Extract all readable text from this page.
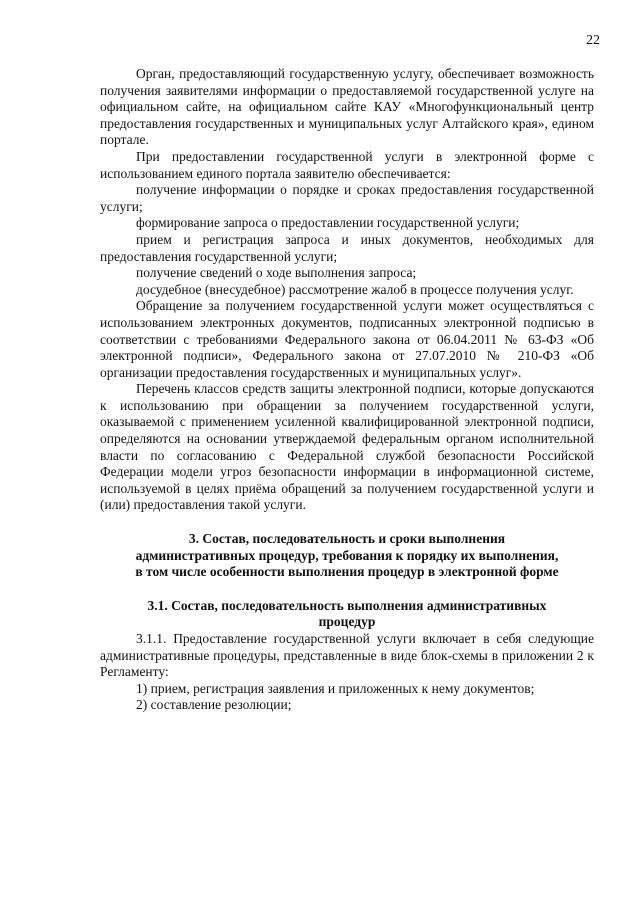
22

Орган, предоставляющий государственную услугу, обеспечивает возможность получения заявителями информации о предоставляемой государственной услуге на официальном сайте, на официальном сайте КАУ «Многофункциональный центр предоставления государственных и муниципальных услуг Алтайского края», едином портале.

При предоставлении государственной услуги в электронной форме с использованием единого портала заявителю обеспечивается:

получение информации о порядке и сроках предоставления государственной услуги;

формирование запроса о предоставлении государственной услуги;

прием и регистрация запроса и иных документов, необходимых для предоставления государственной услуги;

получение сведений о ходе выполнения запроса;

досудебное (внесудебное) рассмотрение жалоб в процессе получения услуг.

Обращение за получением государственной услуги может осуществляться с использованием электронных документов, подписанных электронной подписью в соответствии с требованиями Федерального закона от 06.04.2011 № 63-ФЗ «Об электронной подписи», Федерального закона от 27.07.2010 № 210-ФЗ «Об организации предоставления государственных и муниципальных услуг».

Перечень классов средств защиты электронной подписи, которые допускаются к использованию при обращении за получением государственной услуги, оказываемой с применением усиленной квалифицированной электронной подписи, определяются на основании утверждаемой федеральным органом исполнительной власти по согласованию с Федеральной службой безопасности Российской Федерации модели угроз безопасности информации в информационной системе, используемой в целях приёма обращений за получением государственной услуги и (или) предоставления такой услуги.

3. Состав, последовательность и сроки выполнения

административных процедур, требования к порядку их выполнения,

в том числе особенности выполнения процедур в электронной форме

3.1. Состав, последовательность выполнения административных

процедур

3.1.1. Предоставление государственной услуги включает в себя следующие административные процедуры, представленные в виде блок-схемы в приложении 2 к Регламенту:

1) прием, регистрация заявления и приложенных к нему документов;

2) составление резолюции;
